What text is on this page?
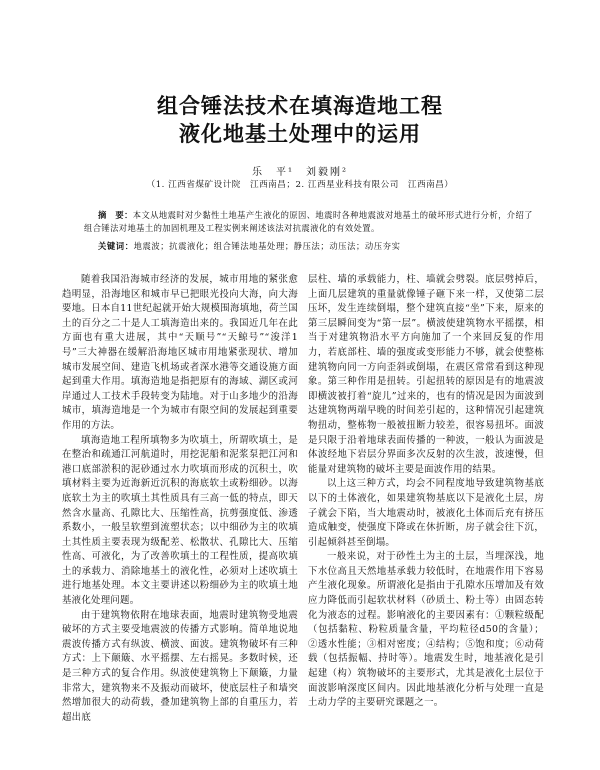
组合锤法技术在填海造地工程
液化地基土处理中的运用
乐　平¹　刘毅刚²
（1. 江西省煤矿设计院　江西南昌；2. 江西星业科技有限公司　江西南昌）
摘　要：本文从地震时对少黏性土地基产生液化的原因、地震时各种地震波对地基土的破坏形式进行分析，介绍了组合锤法对地基土的加固机理及工程实例来阐述该法对抗震液化的有效处置。
关键词：地震波；抗震液化；组合锤法地基处理；静压法；动压法；动压夯实

随着我国沿海城市经济的发展，城市用地的紧张愈趋明显，沿海地区和城市早已把眼光投向大海，向大海要地。日本自11世纪起就开始大规模围海填地，荷兰国土的百分之二十是人工填海造出来的。我国近几年在此方面也有重大进展，其中“天顺号”“天鲸号”“浚洋1号”三大神器在缓解沿海地区城市用地紧张现状、增加城市发展空间、建造飞机场或者深水港等交通设施方面起到重大作用。填海造地是指把原有的海域、湖区或河岸通过人工技术手段转变为陆地。对于山多地少的沿海城市，填海造地是一个为城市有限空间的发展起到重要作用的方法。

填海造地工程所填物多为吹填土，所谓吹填土，是在整治和疏通江河航道时，用挖泥船和泥浆泵把江河和港口底部淤积的泥砂通过水力吹填而形成的沉积土，吹填材料主要为近海新近沉积的海底软土或粉细砂。以海底软土为主的吹填土其性质具有三高一低的特点，即天然含水量高、孔隙比大、压缩性高，抗剪强度低、渗透系数小，一般呈软塑到流塑状态；以中细砂为主的吹填土其性质主要表现为级配差、松散状、孔隙比大、压缩性高、可液化，为了改善吹填土的工程性质，提高吹填土的承载力、消除地基土的液化性，必须对上述吹填土进行地基处理。本文主要讲述以粉细砂为主的吹填土地基液化处理问题。

由于建筑物依附在地球表面，地震时建筑物受地震破坏的方式主要受地震波的传播方式影响。简单地说地震波传播方式有纵波、横波、面波。建筑物破坏有三种方式：上下颠簸、水平摇摆、左右摇晃。多数时候，还是三种方式的复合作用。纵波使建筑物上下颠簸，力量非常大，建筑物来不及振动而破坏，使底层柱子和墙突然增加很大的动荷载，叠加建筑物上部的自重压力，若超出底

层柱、墙的承载能力，柱、墙就会劈裂。底层劈掉后，上面几层建筑的重量就像锤子砸下来一样，又使第二层压坏，发生连续倒塌，整个建筑直接“坐”下来，原来的第三层瞬间变为“第一层”。横波使建筑物水平摇摆，相当于对建筑物沿水平方向施加了一个来回反复的作用力，若底部柱、墙的强度或变形能力不够，就会使整栋建筑物向同一方向歪斜或倒塌，在震区常常看到这种现象。第三种作用是扭转。引起扭转的原因是有的地震波即横波被打着“旋儿”过来的，也有的情况是因为面波到达建筑物两端早晚的时间差引起的，这种情况引起建筑物扭动，整栋物一般被扭断力较差，很容易扭坏。面波是只限于沿着地球表面传播的一种波，一般认为面波是体波经地下岩层分界面多次反射的次生波，波速慢，但能量对建筑物的破坏主要是面波作用的结果。

以上这三种方式，均会不同程度地导致建筑物基底以下的土体液化，如果建筑物基底以下是液化土层，房子就会下陷，当大地震动时，被液化土体而后充有挤压造成触变，使强度下降或在休折断，房子就会往下沉，引起倾斜甚至倒塌。

一般来说，对于砂性土为主的土层，当埋深浅，地下水位高且天然地基承载力较低时，在地震作用下容易产生液化现象。所谓液化是指由于孔隙水压增加及有效应力降低而引起软状材料（砂质土、粉土等）由固态转化为液态的过程。影响液化的主要因素有：①颗粒级配（包括黏粒、粉粒质量含量，平均粒径d50的含量）；②透水性能；③相对密度；④结构；⑤饱和度；⑥动荷载（包括振幅、持时等）。地震发生时，地基液化是引起建（构）筑物破坏的主要形式，尤其是液化土层位于面波影响深度区间内。因此地基液化分析与处理一直是土动力学的主要研究课题之一。
